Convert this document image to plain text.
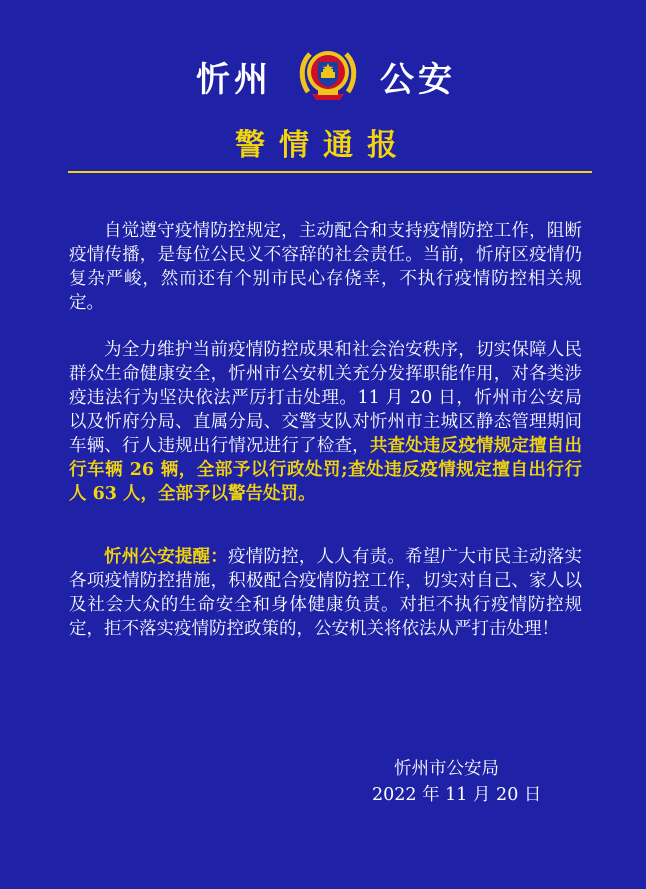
忻州	公安
警情通报
自觉遵守疫情防控规定，主动配合和支持疫情防控工作，阻断疫情传播，是每位公民义不容辞的社会责任。当前，忻府区疫情仍复杂严峻，然而还有个别市民心存侥幸，不执行疫情防控相关规定。
为全力维护当前疫情防控成果和社会治安秩序，切实保障人民群众生命健康安全，忻州市公安机关充分发挥职能作用，对各类涉疫违法行为坚决依法严厉打击处理。11 月 20 日，忻州市公安局以及忻府分局、直属分局、交警支队对忻州市主城区静态管理期间车辆、行人违规出行情况进行了检查，共查处违反疫情规定擅自出行车辆 26 辆，全部予以行政处罚;查处违反疫情规定擅自出行行人 63 人，全部予以警告处罚。
忻州公安提醒：疫情防控，人人有责。希望广大市民主动落实各项疫情防控措施，积极配合疫情防控工作，切实对自己、家人以及社会大众的生命安全和身体健康负责。对拒不执行疫情防控规定，拒不落实疫情防控政策的，公安机关将依法从严打击处理！
忻州市公安局
2022 年 11 月 20 日
